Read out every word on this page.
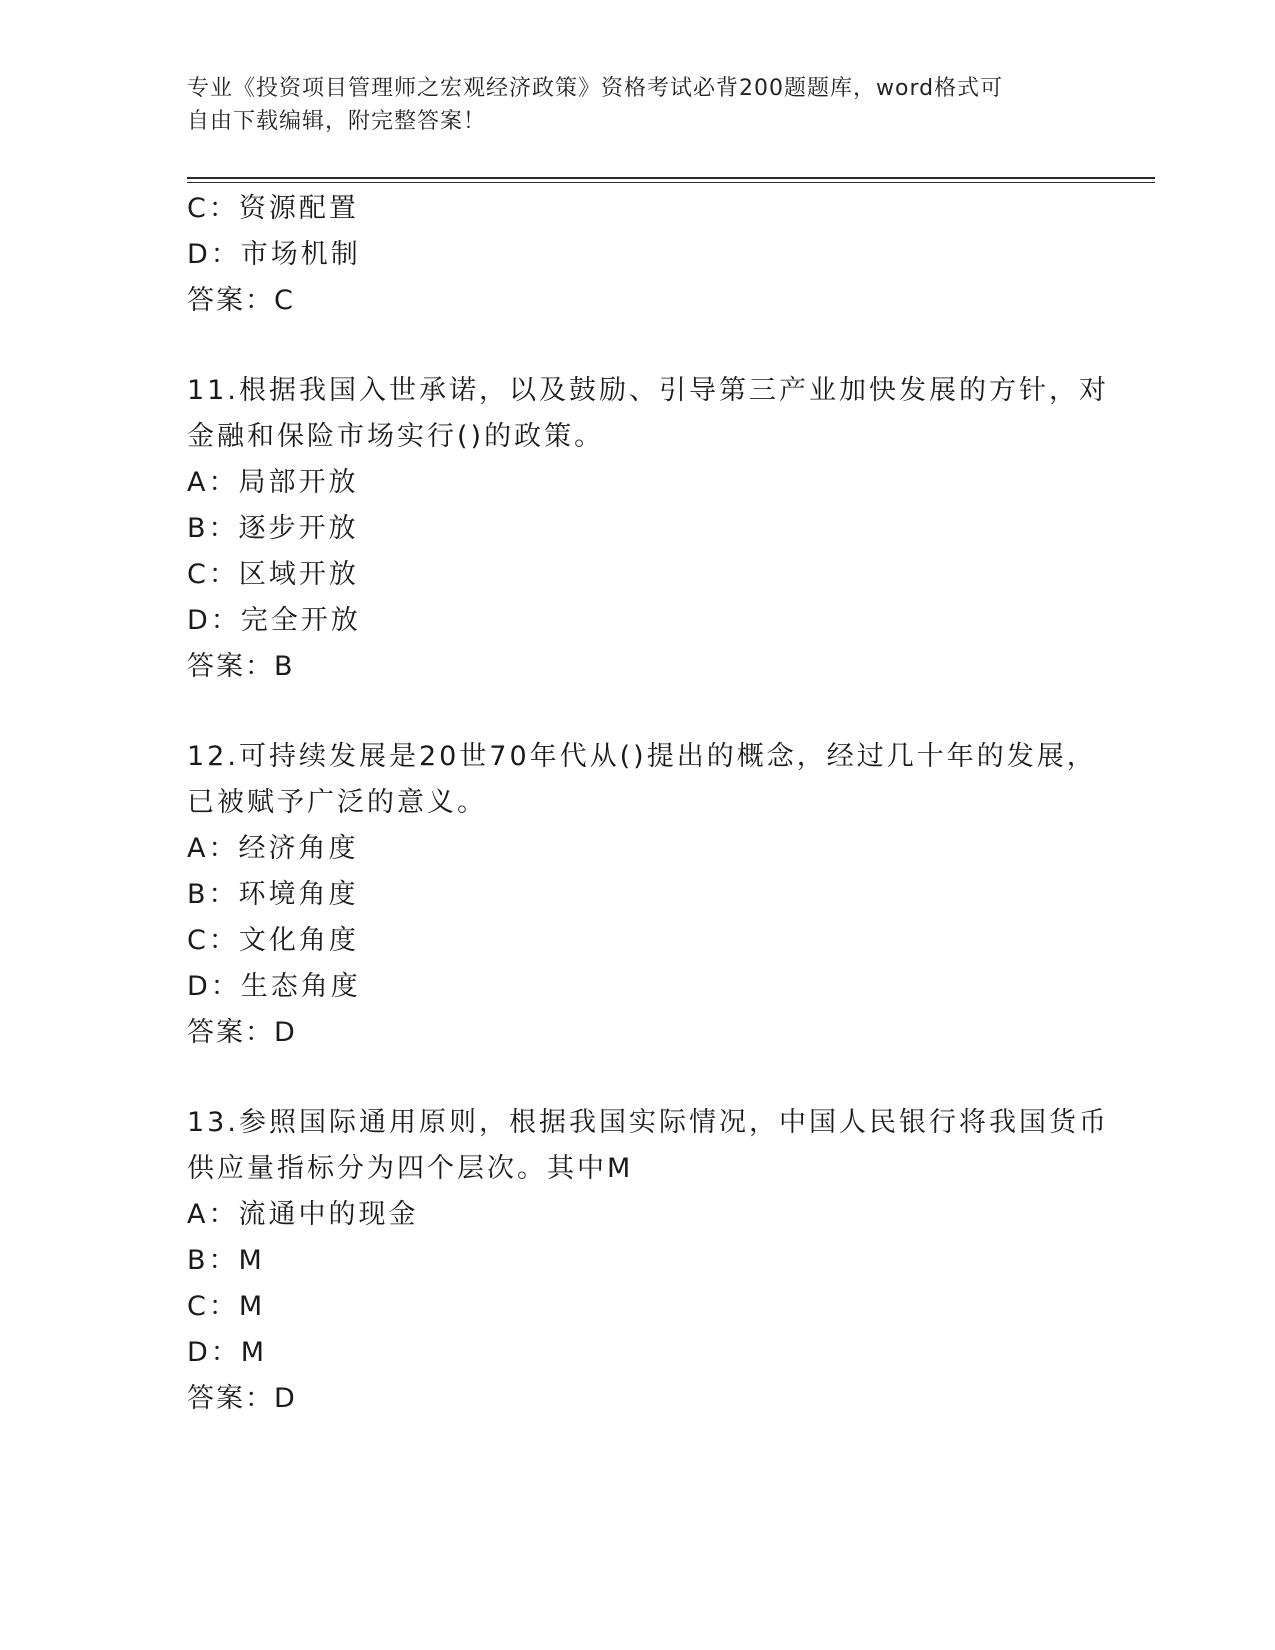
专业《投资项目管理师之宏观经济政策》资格考试必背200题题库，word格式可
自由下载编辑，附完整答案！
C：资源配置
D：市场机制
答案：C
11.根据我国入世承诺，以及鼓励、引导第三产业加快发展的方针，对
金融和保险市场实行()的政策。
A：局部开放
B：逐步开放
C：区域开放
D：完全开放
答案：B
12.可持续发展是20世70年代从()提出的概念，经过几十年的发展，
已被赋予广泛的意义。
A：经济角度
B：环境角度
C：文化角度
D：生态角度
答案：D
13.参照国际通用原则，根据我国实际情况，中国人民银行将我国货币
供应量指标分为四个层次。其中M
A：流通中的现金
B：M
C：M
D：M
答案：D
